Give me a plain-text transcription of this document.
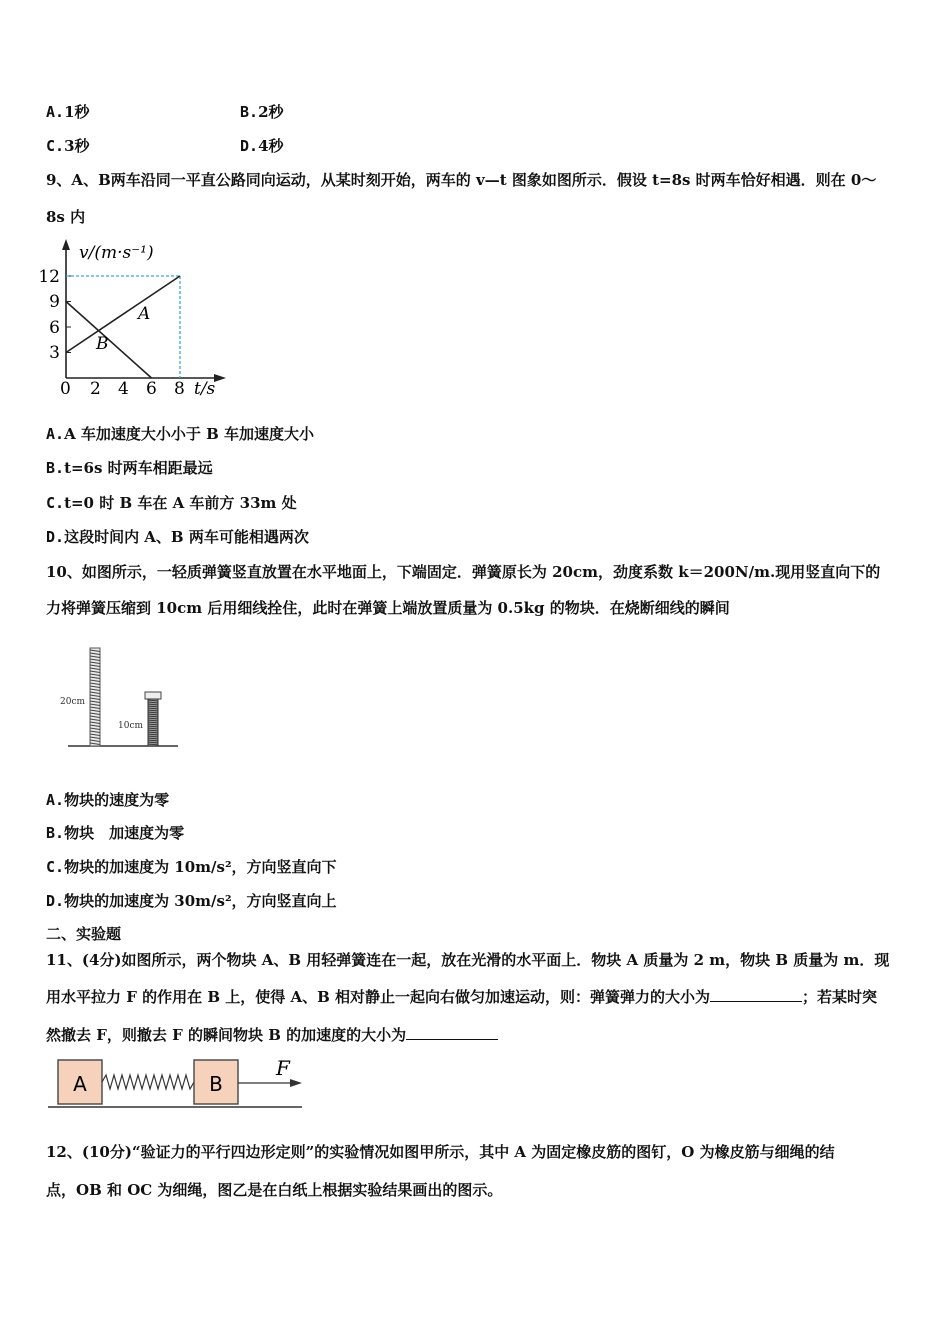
A.1秒	B.2秒
C.3秒	D.4秒
9、A、B两车沿同一平直公路同向运动，从某时刻开始，两车的 v—t 图象如图所示．假设 t=8s 时两车恰好相遇．则在 0～
8s 内
v/(m·s⁻¹)
12
9
6
3
0 2 4 6 8 t/s
A
B
A.A 车加速度大小小于 B 车加速度大小
B.t=6s 时两车相距最远
C.t=0 时 B 车在 A 车前方 33m 处
D.这段时间内 A、B 两车可能相遇两次
10、如图所示，一轻质弹簧竖直放置在水平地面上，下端固定．弹簧原长为 20cm，劲度系数 k＝200N/m.现用竖直向下的
力将弹簧压缩到 10cm 后用细线拴住，此时在弹簧上端放置质量为 0.5kg 的物块．在烧断细线的瞬间
20cm
10cm
A.物块的速度为零
B.物块　加速度为零
C.物块的加速度为 10m/s²，方向竖直向下
D.物块的加速度为 30m/s²，方向竖直向上
二、实验题
11、(4分)如图所示，两个物块 A、B 用轻弹簧连在一起，放在光滑的水平面上．物块 A 质量为 2 m，物块 B 质量为 m．现
用水平拉力 F 的作用在 B 上，使得 A、B 相对静止一起向右做匀加速运动，则：弹簧弹力的大小为	；若某时突
然撤去 F，则撤去 F 的瞬间物块 B 的加速度的大小为
A	B
F
12、(10分)“验证力的平行四边形定则”的实验情况如图甲所示，其中 A 为固定橡皮筋的图钉，O 为橡皮筋与细绳的结
点，OB 和 OC 为细绳，图乙是在白纸上根据实验结果画出的图示。
